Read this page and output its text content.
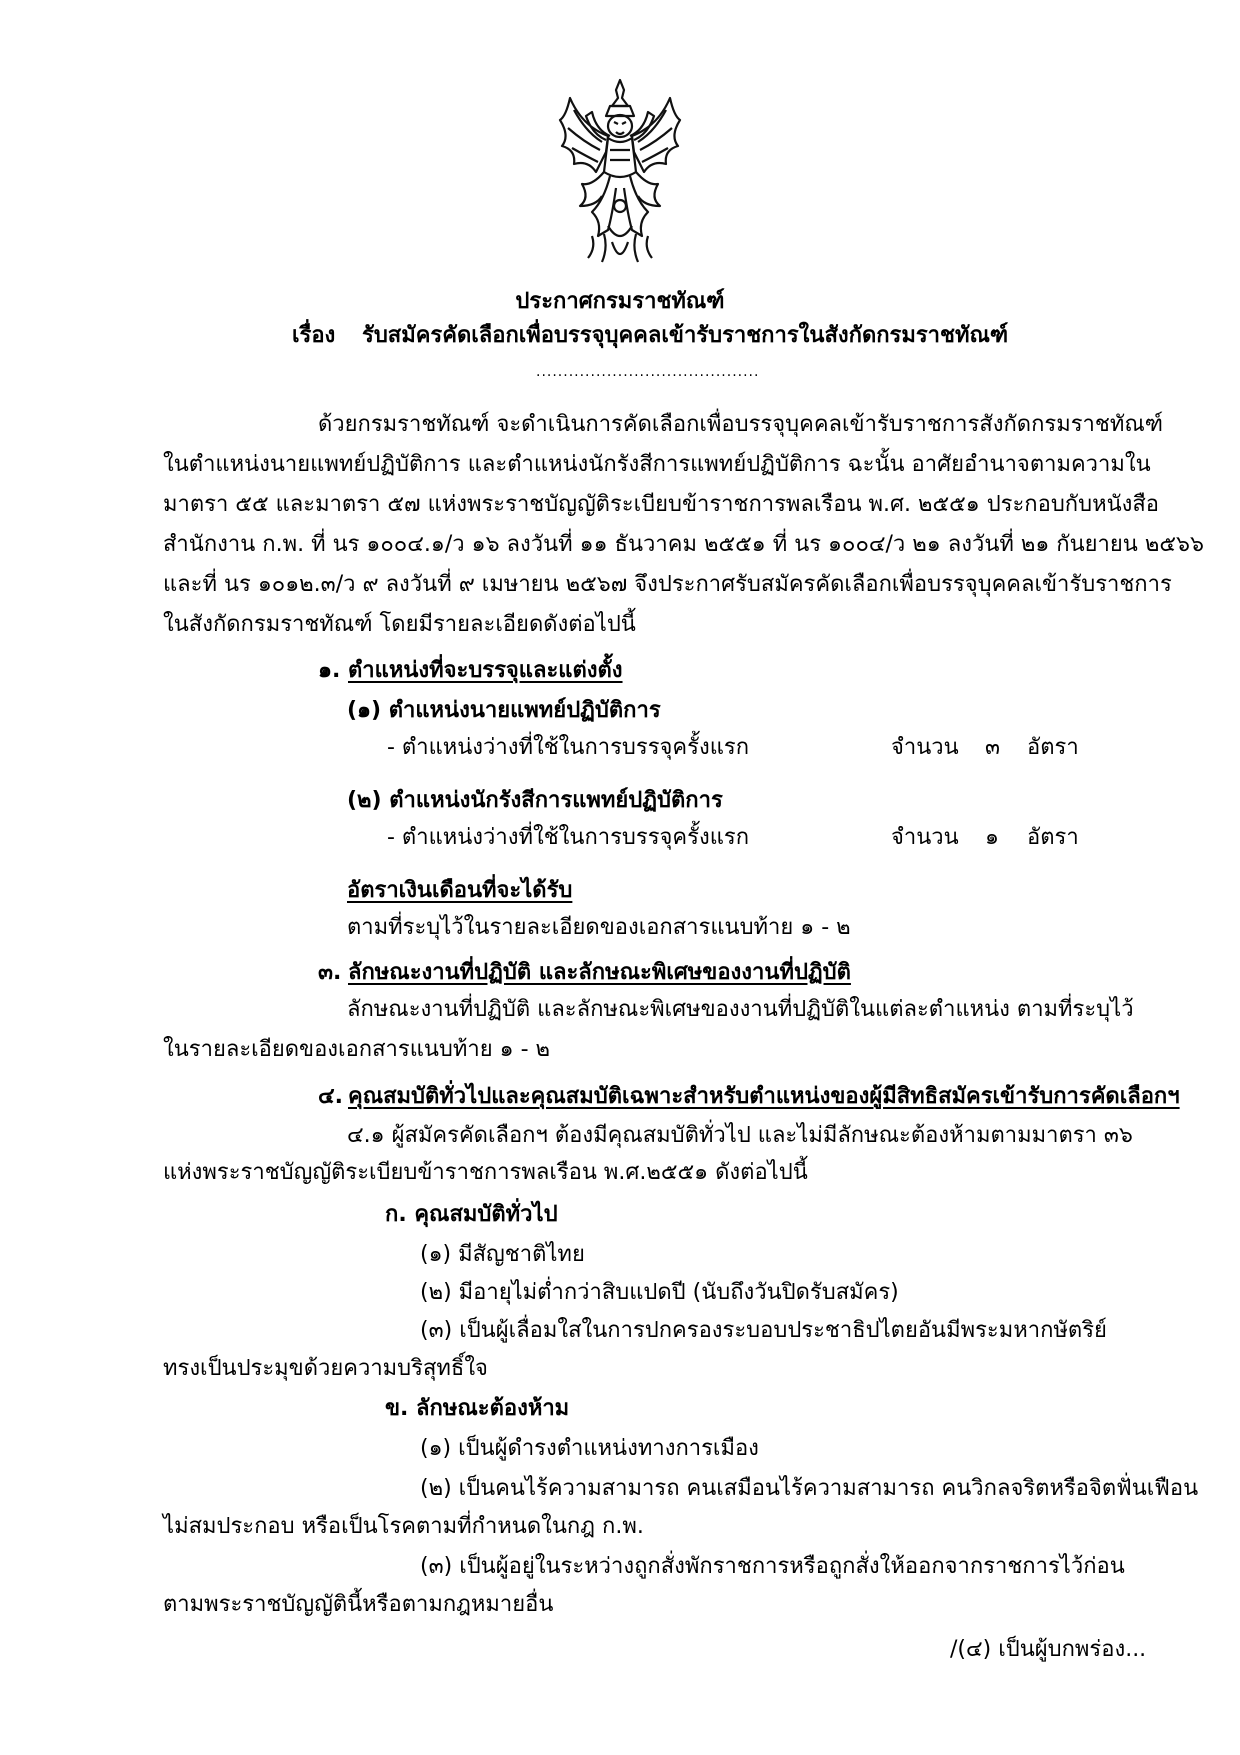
ประกาศกรมราชทัณฑ์
เรื่อง รับสมัครคัดเลือกเพื่อบรรจุบุคคลเข้ารับราชการในสังกัดกรมราชทัณฑ์
.........................................
ด้วยกรมราชทัณฑ์ จะดำเนินการคัดเลือกเพื่อบรรจุบุคคลเข้ารับราชการสังกัดกรมราชทัณฑ์
ในตำแหน่งนายแพทย์ปฏิบัติการ และตำแหน่งนักรังสีการแพทย์ปฏิบัติการ ฉะนั้น อาศัยอำนาจตามความใน
มาตรา ๕๕ และมาตรา ๕๗ แห่งพระราชบัญญัติระเบียบข้าราชการพลเรือน พ.ศ. ๒๕๕๑ ประกอบกับหนังสือ
สำนักงาน ก.พ. ที่ นร ๑๐๐๔.๑/ว ๑๖ ลงวันที่ ๑๑ ธันวาคม ๒๕๕๑ ที่ นร ๑๐๐๔/ว ๒๑ ลงวันที่ ๒๑ กันยายน ๒๕๖๖
และที่ นร ๑๐๑๒.๓/ว ๙ ลงวันที่ ๙ เมษายน ๒๕๖๗ จึงประกาศรับสมัครคัดเลือกเพื่อบรรจุบุคคลเข้ารับราชการ
ในสังกัดกรมราชทัณฑ์ โดยมีรายละเอียดดังต่อไปนี้
๑. ตำแหน่งที่จะบรรจุและแต่งตั้ง
(๑) ตำแหน่งนายแพทย์ปฏิบัติการ
- ตำแหน่งว่างที่ใช้ในการบรรจุครั้งแรก	จำนวน ๓ อัตรา
(๒) ตำแหน่งนักรังสีการแพทย์ปฏิบัติการ
- ตำแหน่งว่างที่ใช้ในการบรรจุครั้งแรก	จำนวน ๑ อัตรา
อัตราเงินเดือนที่จะได้รับ
ตามที่ระบุไว้ในรายละเอียดของเอกสารแนบท้าย ๑ - ๒
๓. ลักษณะงานที่ปฏิบัติ และลักษณะพิเศษของงานที่ปฏิบัติ
ลักษณะงานที่ปฏิบัติ และลักษณะพิเศษของงานที่ปฏิบัติในแต่ละตำแหน่ง ตามที่ระบุไว้
ในรายละเอียดของเอกสารแนบท้าย ๑ - ๒
๔. คุณสมบัติทั่วไปและคุณสมบัติเฉพาะสำหรับตำแหน่งของผู้มีสิทธิสมัครเข้ารับการคัดเลือกฯ
๔.๑ ผู้สมัครคัดเลือกฯ ต้องมีคุณสมบัติทั่วไป และไม่มีลักษณะต้องห้ามตามมาตรา ๓๖
แห่งพระราชบัญญัติระเบียบข้าราชการพลเรือน พ.ศ.๒๕๕๑ ดังต่อไปนี้
ก. คุณสมบัติทั่วไป
(๑) มีสัญชาติไทย
(๒) มีอายุไม่ต่ำกว่าสิบแปดปี (นับถึงวันปิดรับสมัคร)
(๓) เป็นผู้เลื่อมใสในการปกครองระบอบประชาธิปไตยอันมีพระมหากษัตริย์
ทรงเป็นประมุขด้วยความบริสุทธิ์ใจ
ข. ลักษณะต้องห้าม
(๑) เป็นผู้ดำรงตำแหน่งทางการเมือง
(๒) เป็นคนไร้ความสามารถ คนเสมือนไร้ความสามารถ คนวิกลจริตหรือจิตฟั่นเฟือน
ไม่สมประกอบ หรือเป็นโรคตามที่กำหนดในกฎ ก.พ.
(๓) เป็นผู้อยู่ในระหว่างถูกสั่งพักราชการหรือถูกสั่งให้ออกจากราชการไว้ก่อน
ตามพระราชบัญญัตินี้หรือตามกฎหมายอื่น
/(๔) เป็นผู้บกพร่อง...
